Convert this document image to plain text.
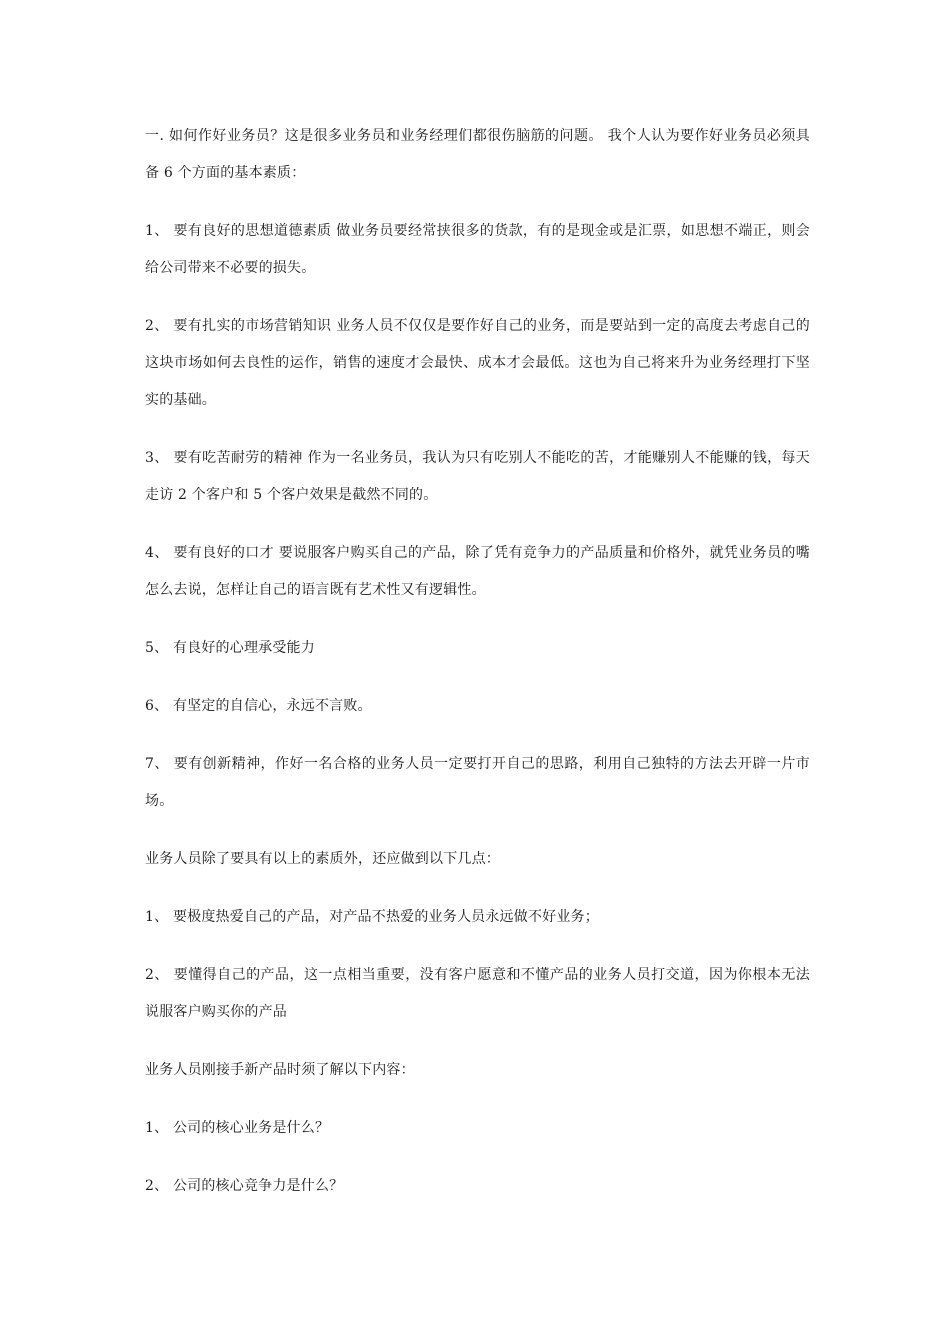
一. 如何作好业务员？这是很多业务员和业务经理们都很伤脑筋的问题。 我个人认为要作好业务员必须具备 6 个方面的基本素质：

1、 要有良好的思想道德素质 做业务员要经常挟很多的货款，有的是现金或是汇票，如思想不端正，则会给公司带来不必要的损失。

2、 要有扎实的市场营销知识 业务人员不仅仅是要作好自己的业务，而是要站到一定的高度去考虑自己的这块市场如何去良性的运作，销售的速度才会最快、成本才会最低。这也为自己将来升为业务经理打下坚实的基础。

3、 要有吃苦耐劳的精神 作为一名业务员，我认为只有吃别人不能吃的苦，才能赚别人不能赚的钱，每天走访 2 个客户和 5 个客户效果是截然不同的。

4、 要有良好的口才 要说服客户购买自己的产品，除了凭有竞争力的产品质量和价格外，就凭业务员的嘴怎么去说，怎样让自己的语言既有艺术性又有逻辑性。

5、 有良好的心理承受能力

6、 有坚定的自信心，永远不言败。

7、 要有创新精神，作好一名合格的业务人员一定要打开自己的思路，利用自己独特的方法去开辟一片市场。

业务人员除了要具有以上的素质外，还应做到以下几点：

1、 要极度热爱自己的产品，对产品不热爱的业务人员永远做不好业务；

2、 要懂得自己的产品，这一点相当重要，没有客户愿意和不懂产品的业务人员打交道，因为你根本无法说服客户购买你的产品

业务人员刚接手新产品时须了解以下内容：

1、 公司的核心业务是什么？

2、 公司的核心竞争力是什么？
